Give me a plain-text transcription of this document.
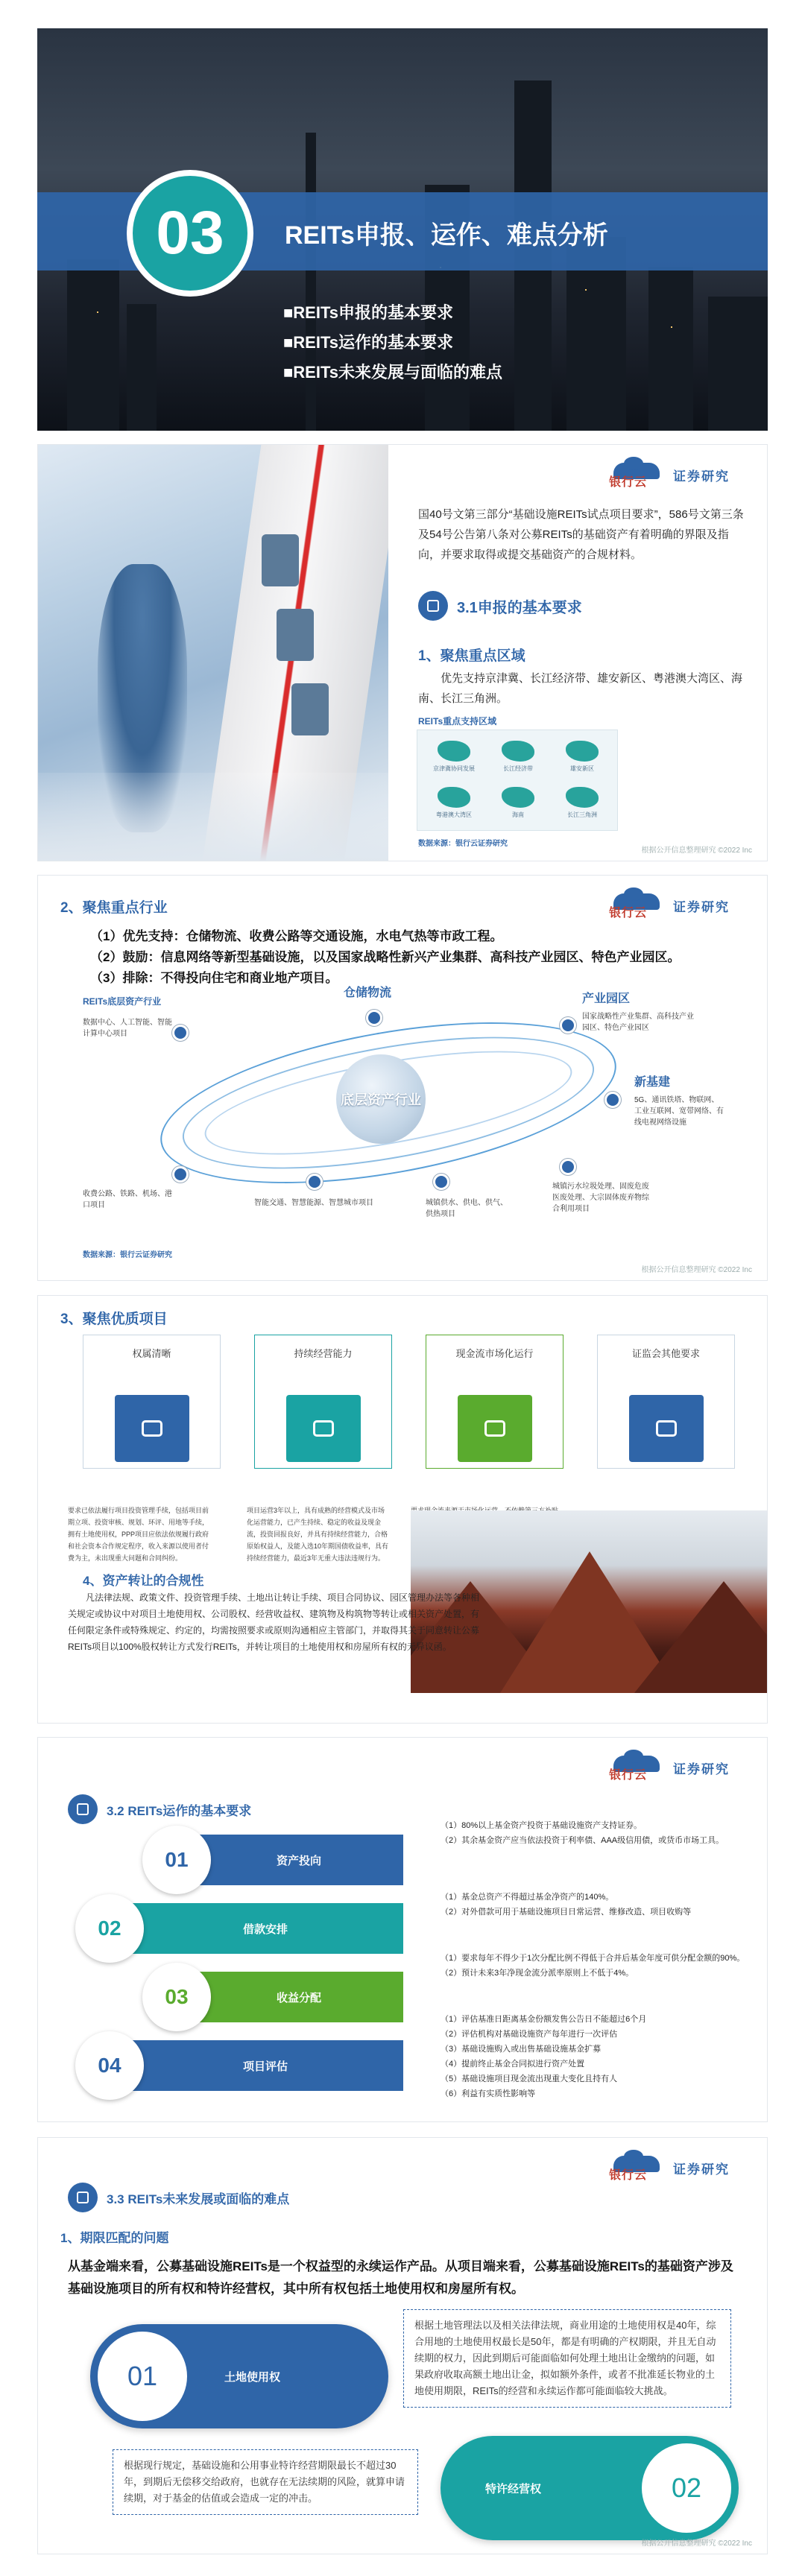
03 REITs申报、运作、难点分析
■REITs申报的基本要求
■REITs运作的基本要求
■REITs未来发展与面临的难点
银行云 证券研究
国40号文第三部分“基础设施REITs试点项目要求”，586号文第三条及54号公告第八条对公募REITs的基础资产有着明确的界限及指向，并要求取得或提交基础资产的合规材料。
3.1申报的基本要求
1、聚焦重点区域
优先支持京津冀、长江经济带、雄安新区、粤港澳大湾区、海南、长江三角洲。
REITs重点支持区域
京津冀协同发展	长江经济带	雄安新区
粤港澳大湾区	海南	长江三角洲
数据来源：银行云证券研究
根据公开信息整理研究 ©2022 Inc
2、聚焦重点行业	银行云 证券研究
（1）优先支持：仓储物流、收费公路等交通设施，水电气热等市政工程。
（2）鼓励：信息网络等新型基础设施，以及国家战略性新兴产业集群、高科技产业园区、特色产业园区。
（3）排除：不得投向住宅和商业地产项目。
REITs底层资产行业
底层资产行业
仓储物流	产业园区
国家战略性产业集群、高科技产业园区、特色产业园区
新基建
5G、通讯铁塔、物联网、工业互联网、宽带网络、有线电视网络设施
数据中心、人工智能、智能计算中心项目
收费公路、铁路、机场、港口项目	智能交通、智慧能源、智慧城市项目	城镇供水、供电、供气、供热项目
城镇污水垃圾处理、固废危废医废处理、大宗固体废弃物综合利用项目
数据来源：银行云证券研究
根据公开信息整理研究 ©2022 Inc
3、聚焦优质项目
权属清晰	持续经营能力	现金流市场化运行	证监会其他要求
要求已依法履行项目投资管理手续，包括项目前期立项、投资审核、规划、环评、用地等手续，拥有土地使用权，PPP项目应依法依规履行政府和社会资本合作规定程序，收入来源以使用者付费为主，未出现重大问题和合同纠纷。
项目运营3年以上，具有成熟的经营模式及市场化运营能力，已产生持续、稳定的收益及现金流，投资回报良好，并具有持续经营能力，合格原始权益人，及能入选10年期国债收益率，具有持续经营能力，最近3年无重大违法违规行为。
4、资产转让的合规性
凡法律法规、政策文件、投资管理手续、土地出让转让手续、项目合同协议、园区管理办法等各种相关规定或协议中对项目土地使用权、公司股权、经营收益权、建筑物及构筑物等转让或相关资产处置，有任何限定条件或特殊规定、约定的，均需按照要求或原则沟通相应主管部门，并取得其关于同意转让公募REITs项目以100%股权转让方式发行REITs，并转让项目的土地使用权和房屋所有权的无异议函。
银行云 证券研究
3.2 REITs运作的基本要求
01	资产投向
02	借款安排
03	收益分配
04	项目评估
（1）80%以上基金资产投资于基础设施资产支持证券。
（2）其余基金资产应当依法投资于利率债、AAA级信用债，或货币市场工具。
（1）基金总资产不得超过基金净资产的140%。
（2）对外借款可用于基础设施项目日常运营、维修改造、项目收购等
（1）要求每年不得少于1次分配比例不得低于合并后基金年度可供分配金额的90%。
（2）预计未来3年净现金流分派率原则上不低于4%。
（1）评估基准日距离基金份额发售公告日不能超过6个月
（2）评估机构对基础设施资产每年进行一次评估
（3）基础设施购入或出售基础设施基金扩募
（4）提前终止基金合同拟进行资产处置
（5）基础设施项目现金流出现重大变化且持有人
（6）利益有实质性影响等
银行云 证券研究
3.3 REITs未来发展或面临的难点
1、期限匹配的问题
从基金端来看，公募基础设施REITs是一个权益型的永续运作产品。从项目端来看，公募基础设施REITs的基础资产涉及基础设施项目的所有权和特许经营权，其中所有权包括土地使用权和房屋所有权。
01	土地使用权
根据土地管理法以及相关法律法规，商业用途的土地使用权是40年，综合用地的土地使用权最长是50年，都是有明确的产权期限，并且无自动续期的权力，因此到期后可能面临如何处理土地出让金缴纳的问题，如果政府收取高额土地出让金，拟如额外条件，或者不批准延长物业的土地使用期限，REITs的经营和永续运作都可能面临较大挑战。
根据现行规定，基础设施和公用事业特许经营期限最长不超过30年，到期后无偿移交给政府，也就存在无法续期的风险，就算申请续期，对于基金的估值或会造成一定的冲击。
特许经营权	02
根据公开信息整理研究 ©2022 Inc
